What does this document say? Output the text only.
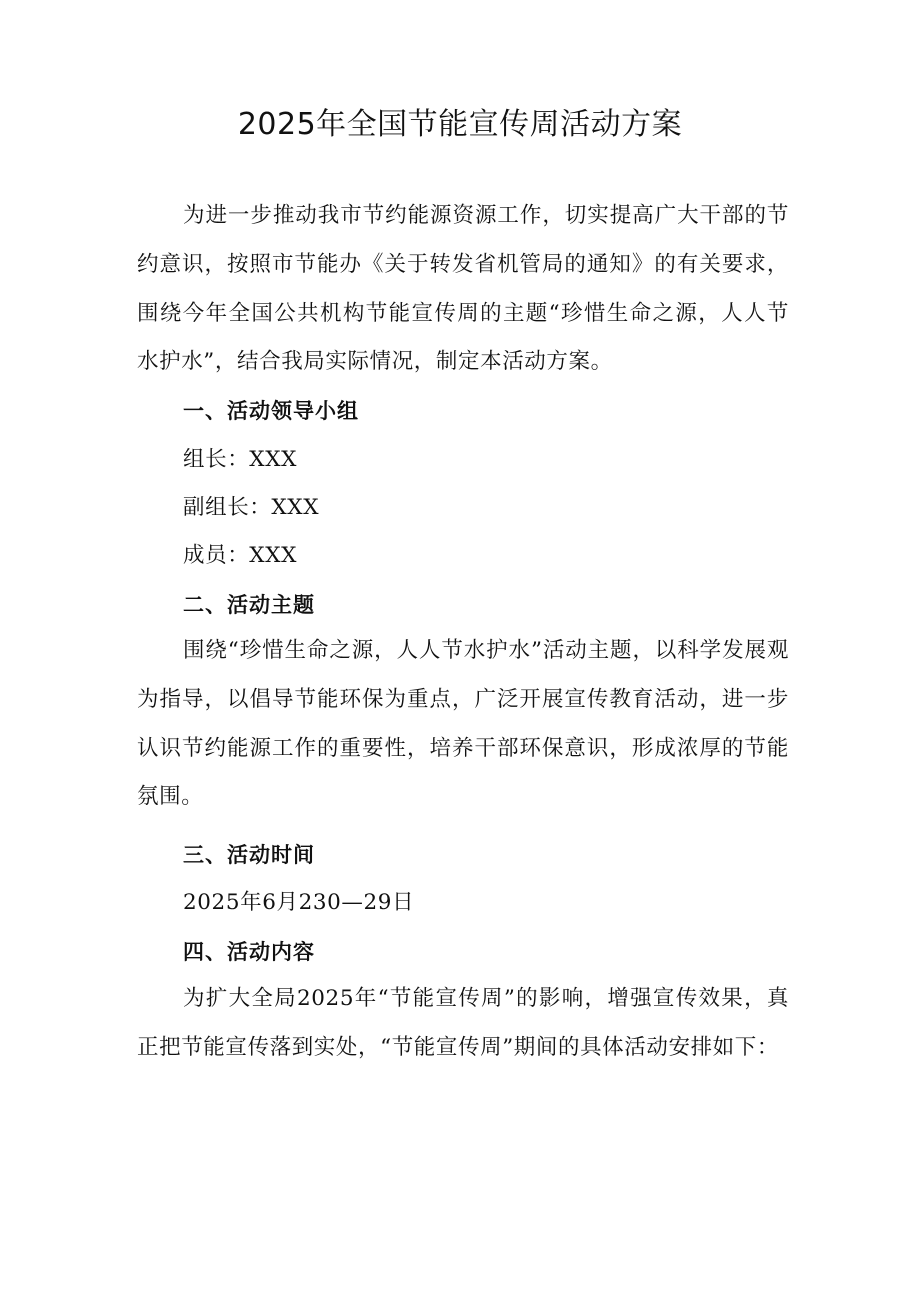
2025年全国节能宣传周活动方案

为进一步推动我市节约能源资源工作，切实提高广大干部的节约意识，按照市节能办《关于转发省机管局的通知》的有关要求，围绕今年全国公共机构节能宣传周的主题“珍惜生命之源，人人节水护水”，结合我局实际情况，制定本活动方案。

一、活动领导小组
组长：XXX
副组长：XXX
成员：XXX
二、活动主题

围绕“珍惜生命之源，人人节水护水”活动主题，以科学发展观为指导，以倡导节能环保为重点，广泛开展宣传教育活动，进一步认识节约能源工作的重要性，培养干部环保意识，形成浓厚的节能氛围。

三、活动时间
2025年6月230—29日
四、活动内容

为扩大全局2025年“节能宣传周”的影响，增强宣传效果，真正把节能宣传落到实处，“节能宣传周”期间的具体活动安排如下：
